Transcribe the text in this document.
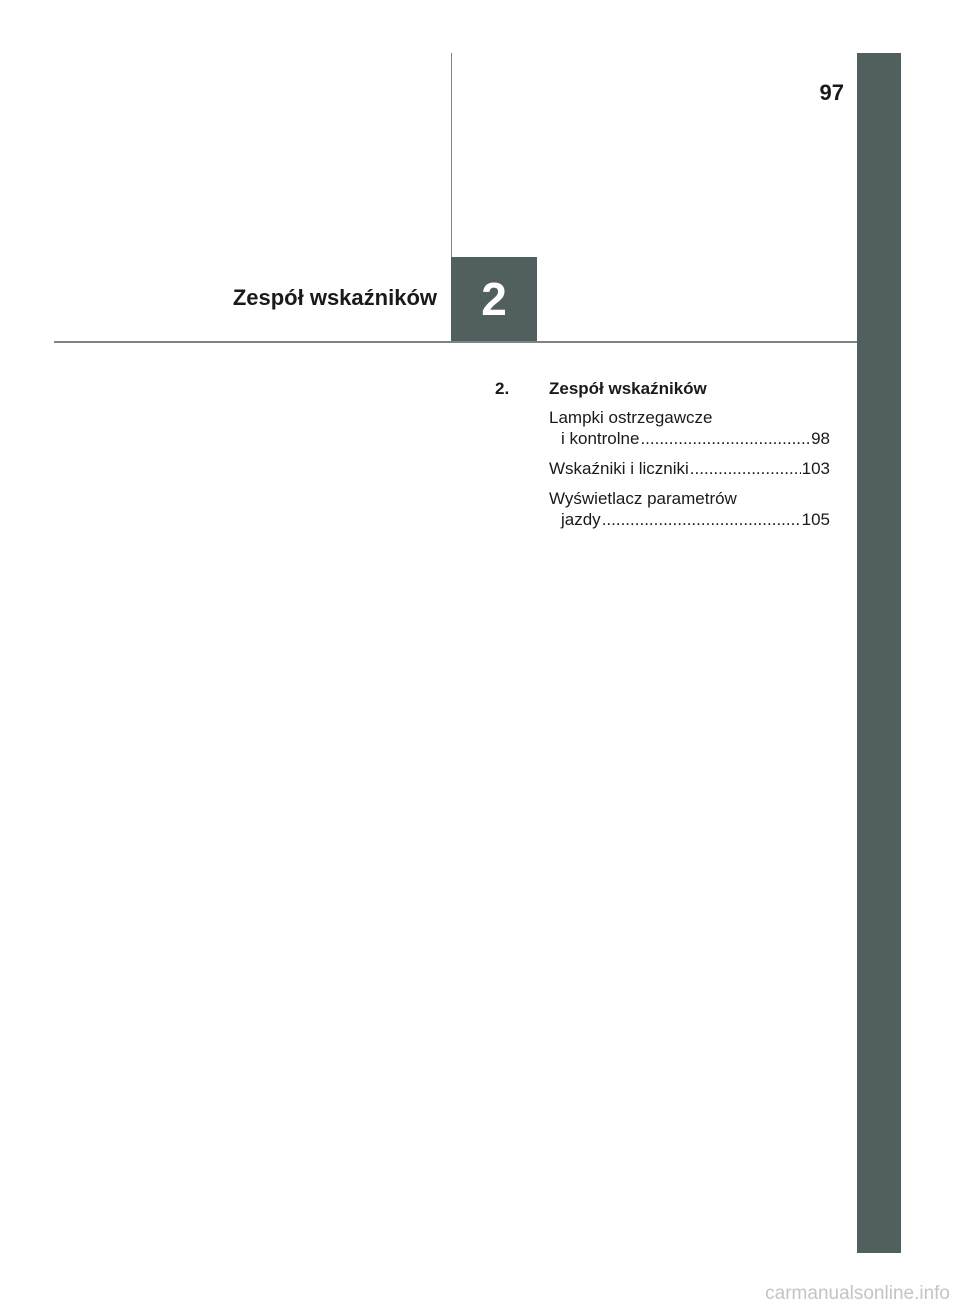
97
2
Zespół wskaźników
2.	Zespół wskaźników
Lampki ostrzegawcze
i kontrolne .....	98
Wskaźniki i liczniki .....	103
Wyświetlacz parametrów
jazdy .....	105
carmanualsonline.info
